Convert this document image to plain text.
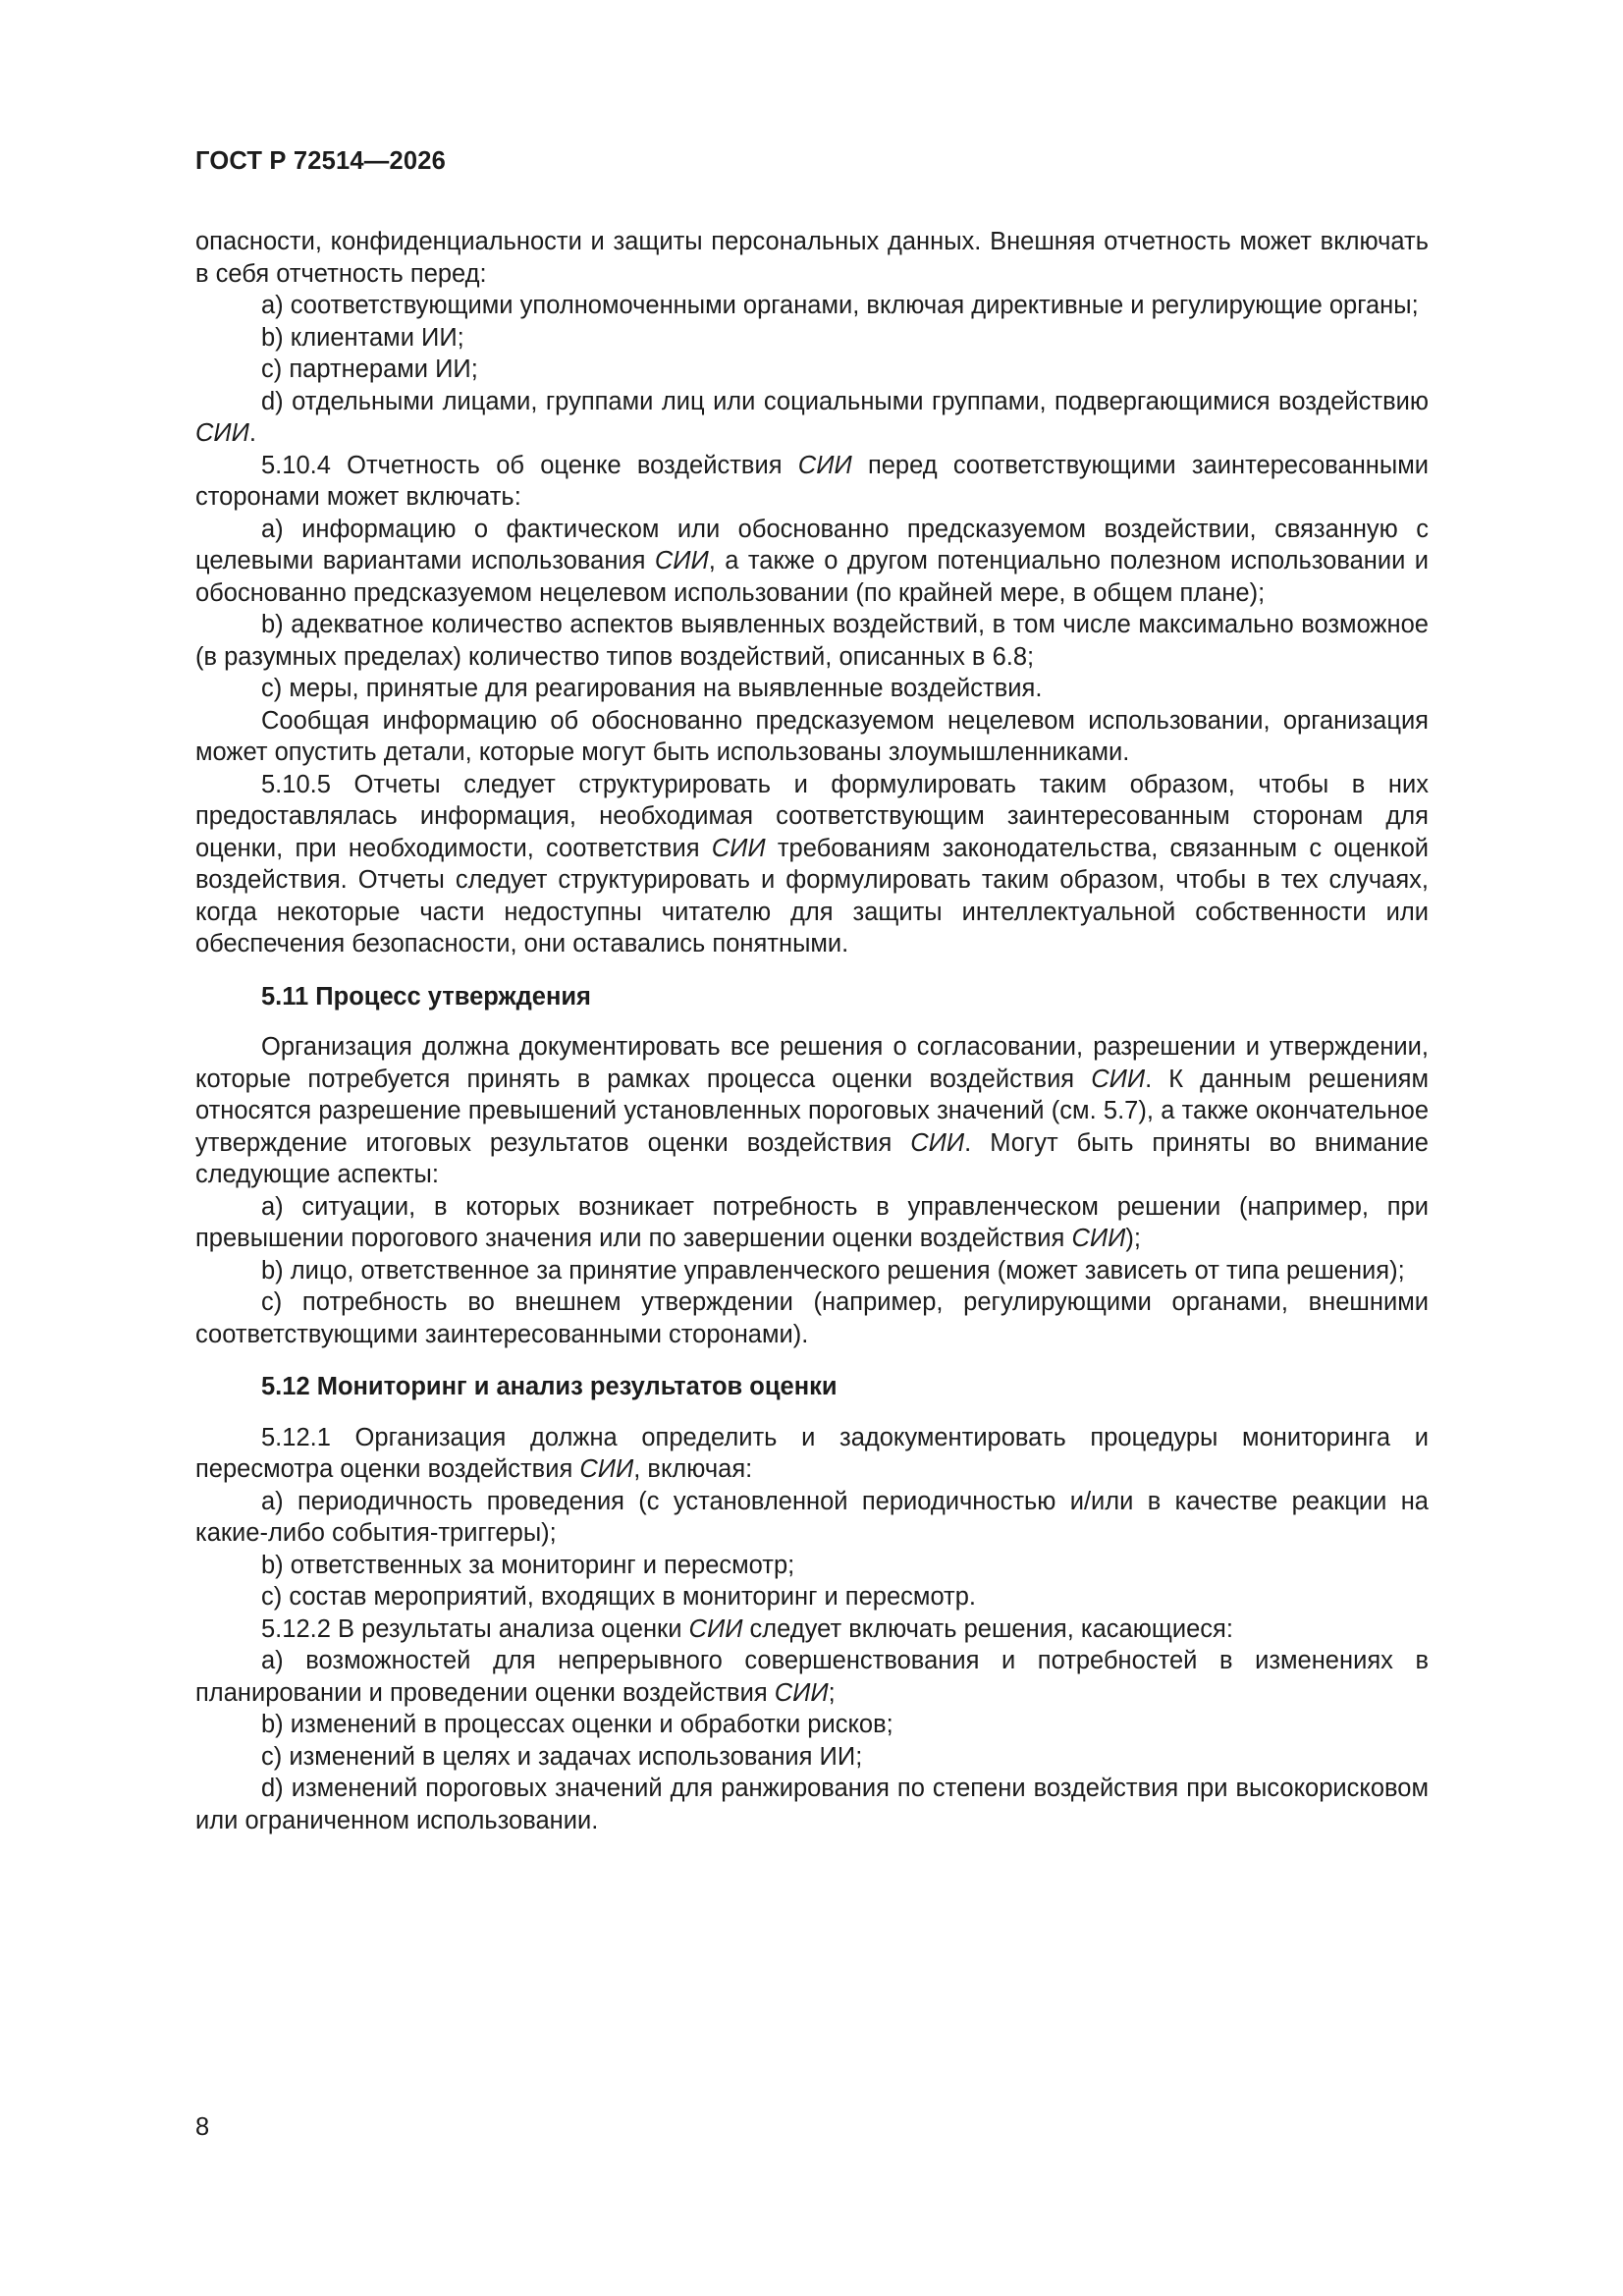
ГОСТ Р 72514—2026

опасности, конфиденциальности и защиты персональных данных. Внешняя отчетность может включать в себя отчетность перед:

a) соответствующими уполномоченными органами, включая директивные и регулирующие органы;

b) клиентами ИИ;

c) партнерами ИИ;

d) отдельными лицами, группами лиц или социальными группами, подвергающимися воздействию СИИ.

5.10.4 Отчетность об оценке воздействия СИИ перед соответствующими заинтересованными сторонами может включать:

a) информацию о фактическом или обоснованно предсказуемом воздействии, связанную с целевыми вариантами использования СИИ, а также о другом потенциально полезном использовании и обоснованно предсказуемом нецелевом использовании (по крайней мере, в общем плане);

b) адекватное количество аспектов выявленных воздействий, в том числе максимально возможное (в разумных пределах) количество типов воздействий, описанных в 6.8;

c) меры, принятые для реагирования на выявленные воздействия.

Сообщая информацию об обоснованно предсказуемом нецелевом использовании, организация может опустить детали, которые могут быть использованы злоумышленниками.

5.10.5 Отчеты следует структурировать и формулировать таким образом, чтобы в них предоставлялась информация, необходимая соответствующим заинтересованным сторонам для оценки, при необходимости, соответствия СИИ требованиям законодательства, связанным с оценкой воздействия. Отчеты следует структурировать и формулировать таким образом, чтобы в тех случаях, когда некоторые части недоступны читателю для защиты интеллектуальной собственности или обеспечения безопасности, они оставались понятными.

5.11 Процесс утверждения

Организация должна документировать все решения о согласовании, разрешении и утверждении, которые потребуется принять в рамках процесса оценки воздействия СИИ. К данным решениям относятся разрешение превышений установленных пороговых значений (см. 5.7), а также окончательное утверждение итоговых результатов оценки воздействия СИИ. Могут быть приняты во внимание следующие аспекты:

a) ситуации, в которых возникает потребность в управленческом решении (например, при превышении порогового значения или по завершении оценки воздействия СИИ);

b) лицо, ответственное за принятие управленческого решения (может зависеть от типа решения);

c) потребность во внешнем утверждении (например, регулирующими органами, внешними соответствующими заинтересованными сторонами).

5.12 Мониторинг и анализ результатов оценки

5.12.1 Организация должна определить и задокументировать процедуры мониторинга и пересмотра оценки воздействия СИИ, включая:

a) периодичность проведения (с установленной периодичностью и/или в качестве реакции на какие-либо события-триггеры);

b) ответственных за мониторинг и пересмотр;

c) состав мероприятий, входящих в мониторинг и пересмотр.

5.12.2 В результаты анализа оценки СИИ следует включать решения, касающиеся:

a) возможностей для непрерывного совершенствования и потребностей в изменениях в планировании и проведении оценки воздействия СИИ;

b) изменений в процессах оценки и обработки рисков;

c) изменений в целях и задачах использования ИИ;

d) изменений пороговых значений для ранжирования по степени воздействия при высокорисковом или ограниченном использовании.

8
